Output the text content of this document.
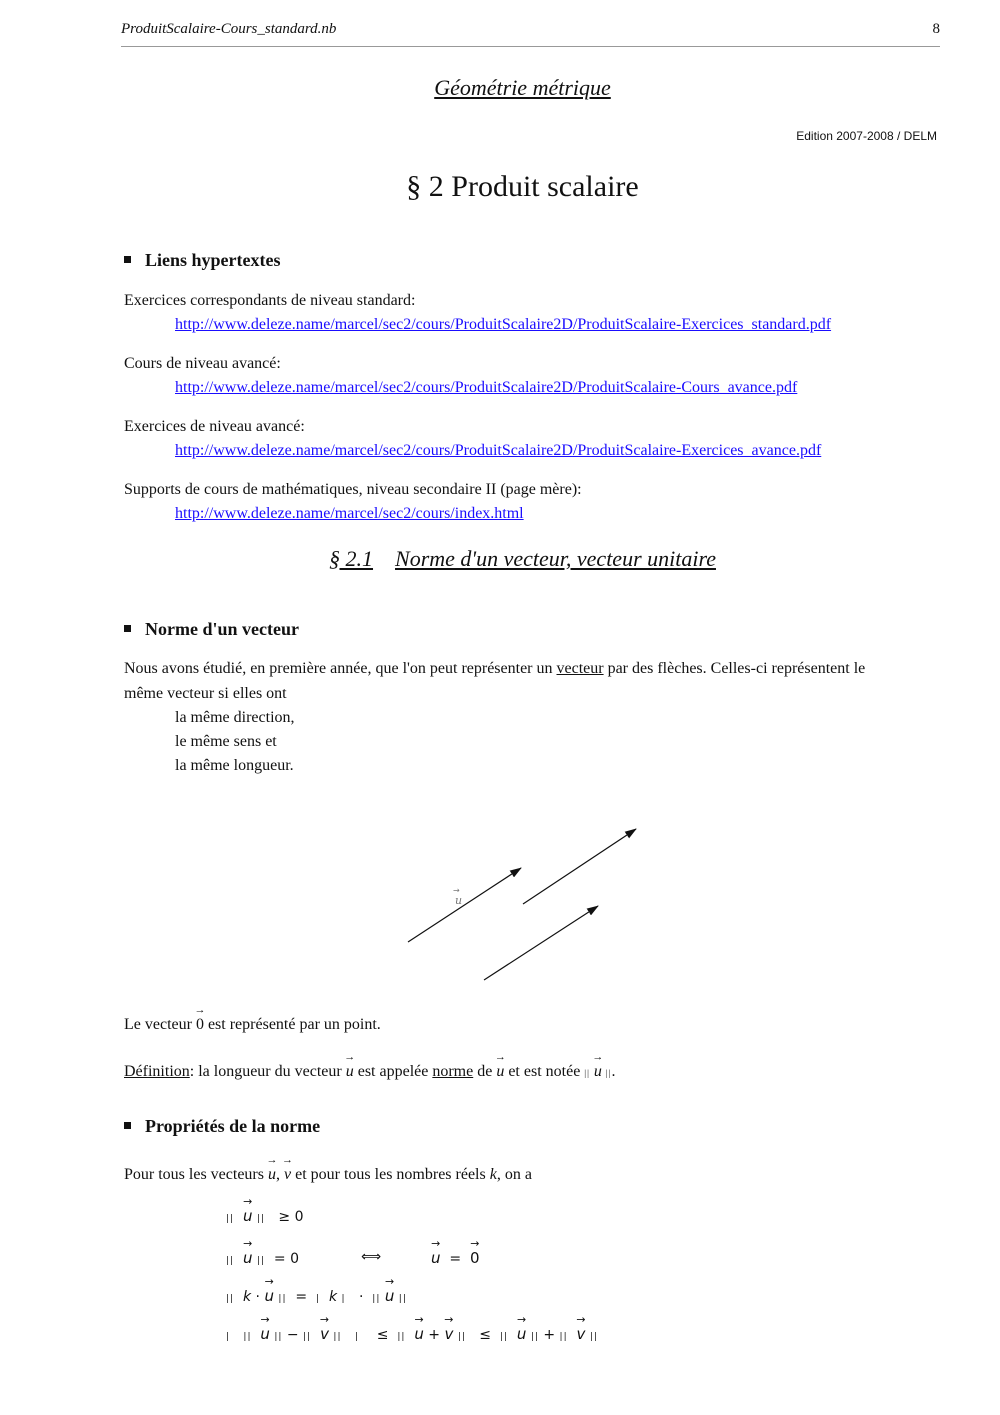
ProduitScalaire-Cours_standard.nb	8
Géométrie métrique
Edition 2007-2008 / DELM
§ 2 Produit scalaire
Liens hypertextes
Exercices correspondants de niveau standard:
http://www.deleze.name/marcel/sec2/cours/ProduitScalaire2D/ProduitScalaire-Exercices_standard.pdf
Cours de niveau avancé:
http://www.deleze.name/marcel/sec2/cours/ProduitScalaire2D/ProduitScalaire-Cours_avance.pdf
Exercices de niveau avancé:
http://www.deleze.name/marcel/sec2/cours/ProduitScalaire2D/ProduitScalaire-Exercices_avance.pdf
Supports de cours de mathématiques, niveau secondaire II (page mère):
http://www.deleze.name/marcel/sec2/cours/index.html
§ 2.1 Norme d'un vecteur, vecteur unitaire
Norme d'un vecteur
Nous avons étudié, en première année, que l'on peut représenter un vecteur par des flèches. Celles-ci représentent le
même vecteur si elles ont
la même direction,
le même sens et
la même longueur.
→
u
Le vecteur → 0 est représenté par un point.
Définition: la longueur du vecteur → u est appelée norme de → u et est notée || → u ||.
Propriétés de la norme
Pour tous les vecteurs → u, → v et pour tous les nombres réels k, on a
|| → u ||   ≥ 0
|| → u ||  = 0	⟺	→ u  =  → 0
|| k · → u ||  =  | k |   ·  || → u ||
| || → u || − || → v || |    ≤  || → u + → v ||   ≤  || → u || + || → v ||
